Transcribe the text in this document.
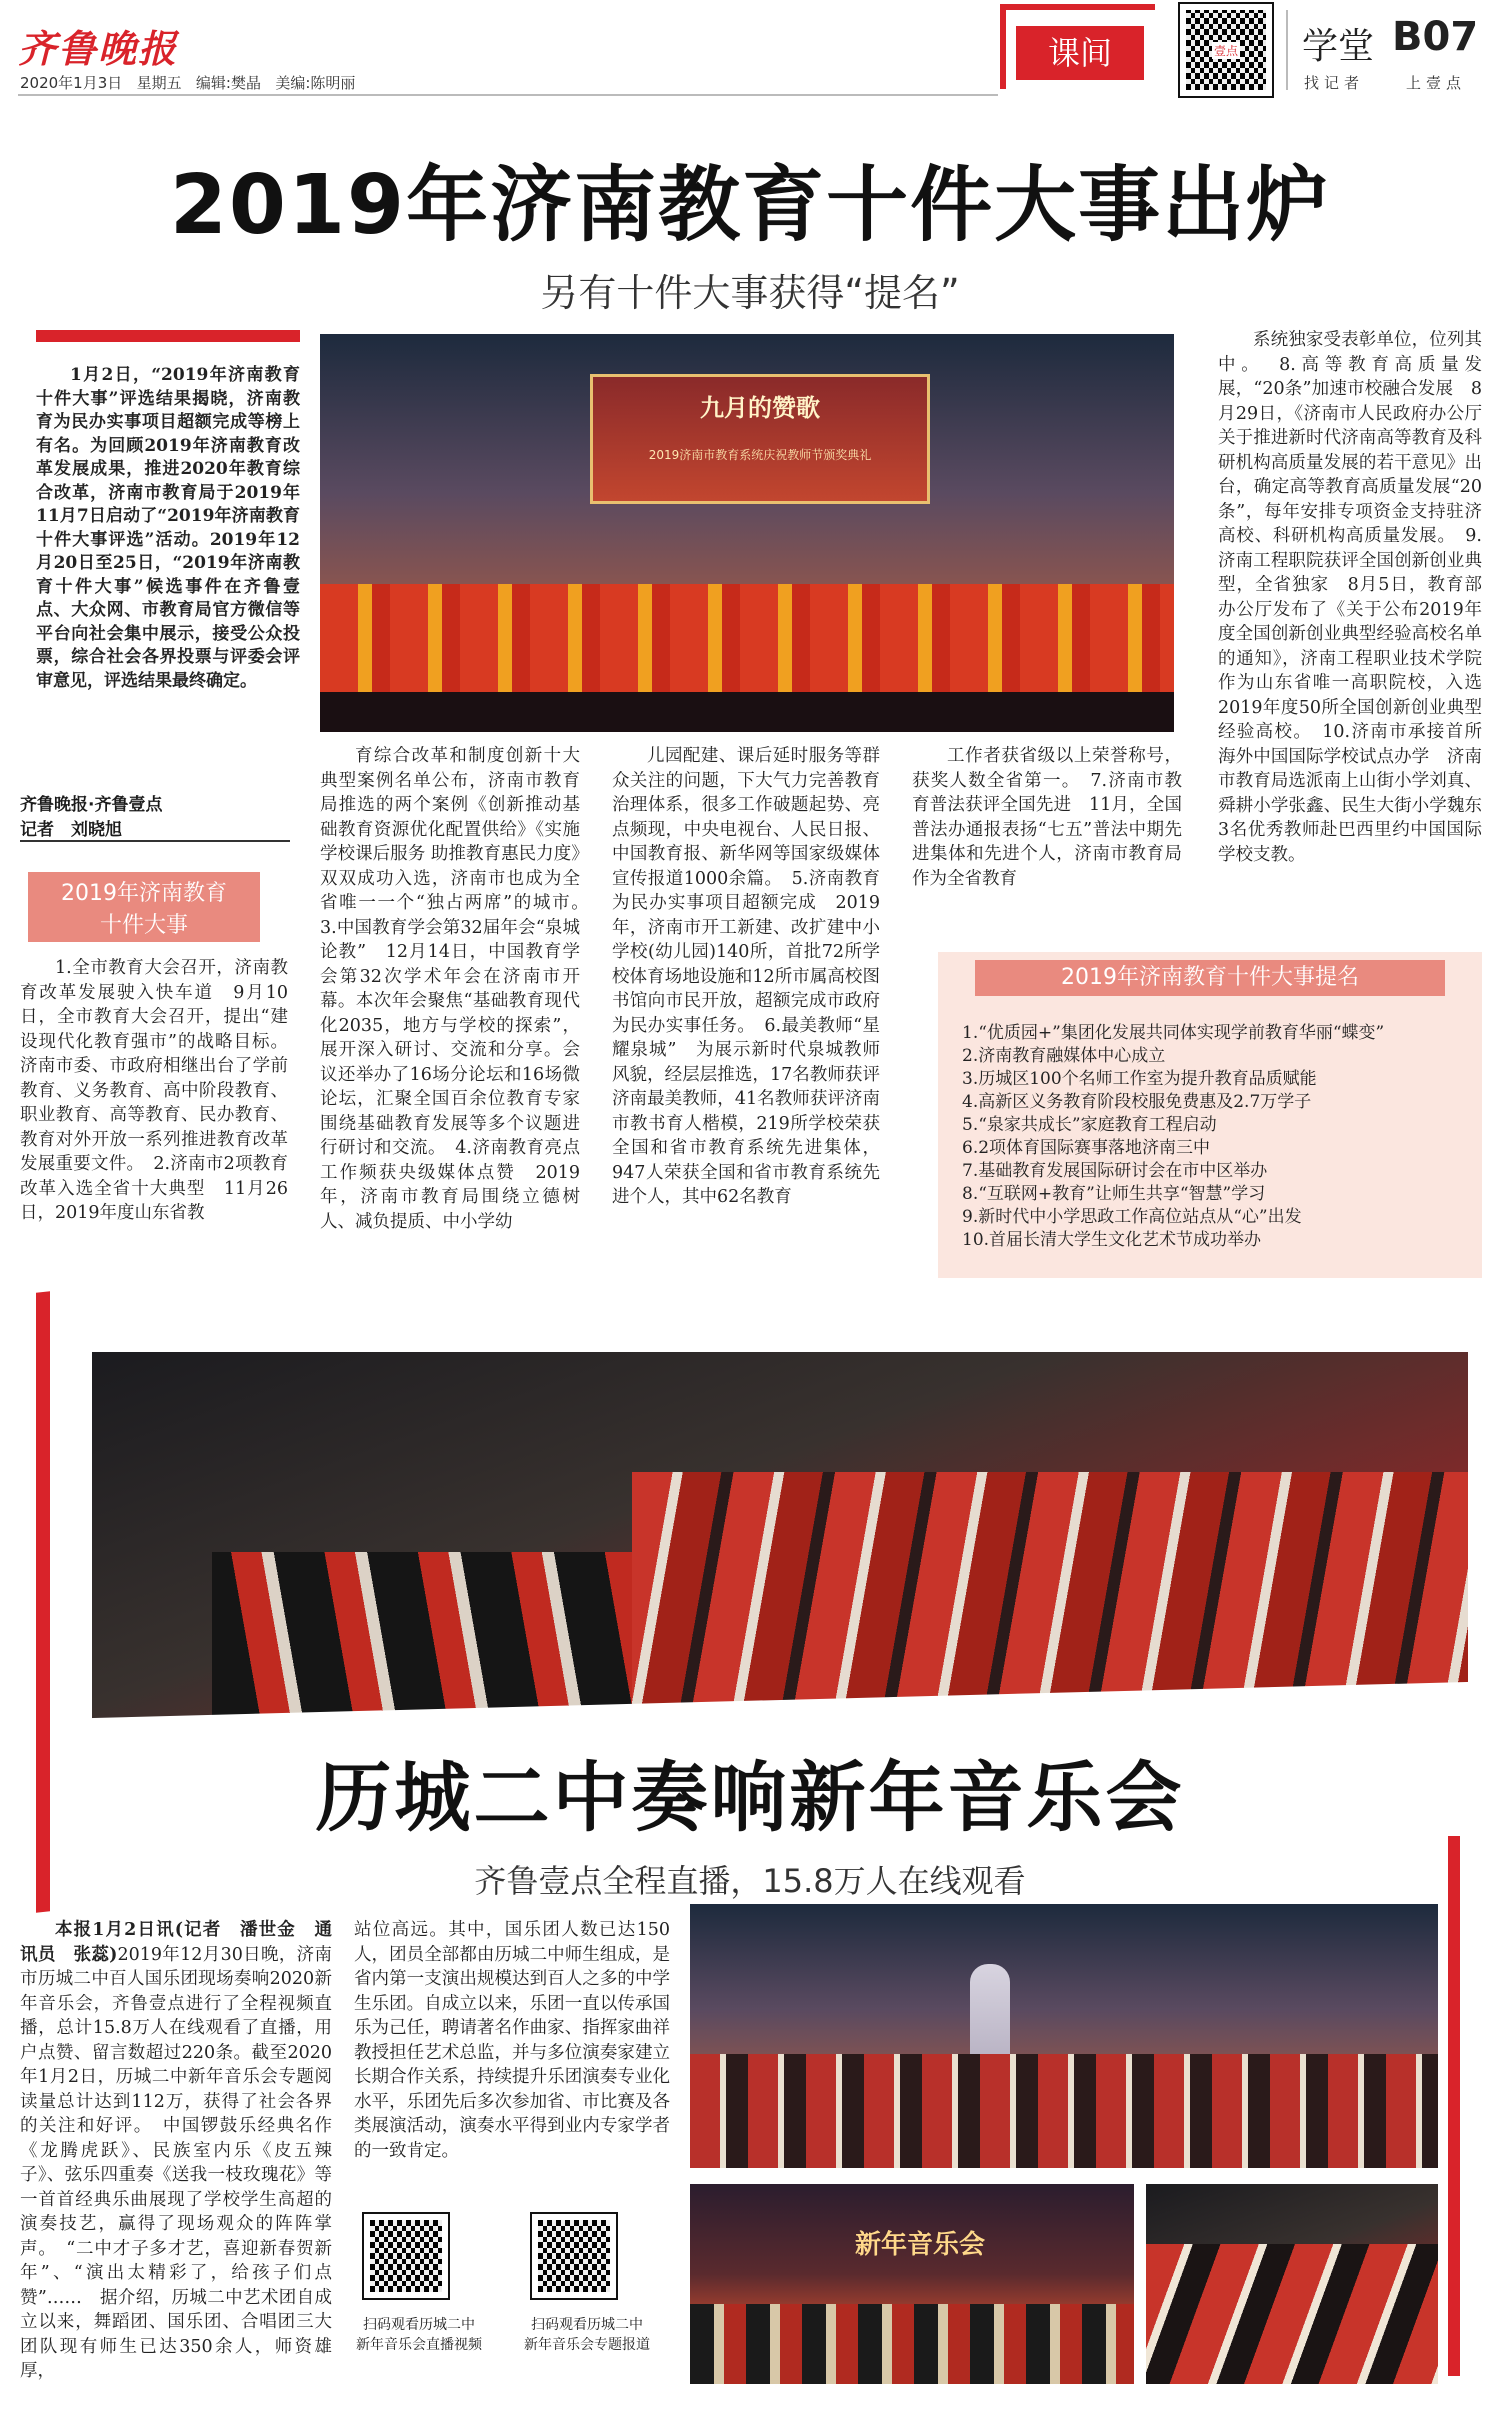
齐鲁晚报
2020年1月3日 星期五 编辑:樊晶 美编:陈明丽
课间	壹点 学堂 B07
找记者	上壹点
2019年济南教育十件大事出炉
另有十件大事获得“提名”
1月2日，“2019年济南教育十件大事”评选结果揭晓，济南教育为民办实事项目超额完成等榜上有名。为回顾2019年济南教育改革发展成果，推进2020年教育综合改革，济南市教育局于2019年11月7日启动了“2019年济南教育十件大事评选”活动。2019年12月20日至25日，“2019年济南教育十件大事”候选事件在齐鲁壹点、大众网、市教育局官方微信等平台向社会集中展示，接受公众投票，综合社会各界投票与评委会评审意见，评选结果最终确定。
齐鲁晚报·齐鲁壹点
记者　刘晓旭
九月的赞歌
2019济南市教育系统庆祝教师节颁奖典礼
育综合改革和制度创新十大典型案例名单公布，济南市教育局推选的两个案例《创新推动基础教育资源优化配置供给》《实施学校课后服务 助推教育惠民力度》双双成功入选，济南市也成为全省唯一一个“独占两席”的城市。　3.中国教育学会第32届年会“泉城论教”　12月14日，中国教育学会第32次学术年会在济南市开幕。本次年会聚焦“基础教育现代化2035，地方与学校的探索”，展开深入研讨、交流和分享。会议还举办了16场分论坛和16场微论坛，汇聚全国百余位教育专家围绕基础教育发展等多个议题进行研讨和交流。　4.济南教育亮点工作频获央级媒体点赞　2019年，济南市教育局围绕立德树人、减负提质、中小学幼
儿园配建、课后延时服务等群众关注的问题，下大气力完善教育治理体系，很多工作破题起势、亮点频现，中央电视台、人民日报、中国教育报、新华网等国家级媒体宣传报道1000余篇。　5.济南教育为民办实事项目超额完成　2019年，济南市开工新建、改扩建中小学校(幼儿园)140所，首批72所学校体育场地设施和12所市属高校图书馆向市民开放，超额完成市政府为民办实事任务。　6.最美教师“星耀泉城”　为展示新时代泉城教师风貌，经层层推选，17名教师获评济南最美教师，41名教师获评济南市教书育人楷模，219所学校荣获全国和省市教育系统先进集体，947人荣获全国和省市教育系统先进个人，其中62名教育
工作者获省级以上荣誉称号，获奖人数全省第一。　7.济南市教育普法获评全国先进　11月，全国普法办通报表扬“七五”普法中期先进集体和先进个人，济南市教育局作为全省教育
系统独家受表彰单位，位列其中。　8.高等教育高质量发展，“20条”加速市校融合发展　8月29日，《济南市人民政府办公厅关于推进新时代济南高等教育及科研机构高质量发展的若干意见》出台，确定高等教育高质量发展“20条”，每年安排专项资金支持驻济高校、科研机构高质量发展。　9.济南工程职院获评全国创新创业典型，全省独家　8月5日，教育部办公厅发布了《关于公布2019年度全国创新创业典型经验高校名单的通知》，济南工程职业技术学院作为山东省唯一高职院校，入选2019年度50所全国创新创业典型经验高校。　10.济南市承接首所海外中国国际学校试点办学　济南市教育局选派南上山街小学刘真、舜耕小学张鑫、民生大街小学魏东3名优秀教师赴巴西里约中国国际学校支教。
2019年济南教育
十件大事
1.全市教育大会召开，济南教育改革发展驶入快车道　9月10日，全市教育大会召开，提出“建设现代化教育强市”的战略目标。济南市委、市政府相继出台了学前教育、义务教育、高中阶段教育、职业教育、高等教育、民办教育、教育对外开放一系列推进教育改革发展重要文件。　2.济南市2项教育改革入选全省十大典型　11月26日，2019年度山东省教
2019年济南教育十件大事提名
1.“优质园+”集团化发展共同体实现学前教育华丽“蝶变”
2.济南教育融媒体中心成立
3.历城区100个名师工作室为提升教育品质赋能
4.高新区义务教育阶段校服免费惠及2.7万学子
5.“泉家共成长”家庭教育工程启动
6.2项体育国际赛事落地济南三中
7.基础教育发展国际研讨会在市中区举办
8.“互联网+教育”让师生共享“智慧”学习
9.新时代中小学思政工作高位站点从“心”出发
10.首届长清大学生文化艺术节成功举办
历城二中奏响新年音乐会
齐鲁壹点全程直播，15.8万人在线观看
本报1月2日讯(记者　潘世金　通讯员　张蕊)2019年12月30日晚，济南市历城二中百人国乐团现场奏响2020新年音乐会，齐鲁壹点进行了全程视频直播，总计15.8万人在线观看了直播，用户点赞、留言数超过220条。截至2020年1月2日，历城二中新年音乐会专题阅读量总计达到112万，获得了社会各界的关注和好评。　中国锣鼓乐经典名作《龙腾虎跃》、民族室内乐《皮五辣子》、弦乐四重奏《送我一枝玫瑰花》等一首首经典乐曲展现了学校学生高超的演奏技艺，赢得了现场观众的阵阵掌声。　“二中才子多才艺，喜迎新春贺新年”、“演出太精彩了，给孩子们点赞”……　据介绍，历城二中艺术团自成立以来，舞蹈团、国乐团、合唱团三大团队现有师生已达350余人，师资雄厚，
站位高远。其中，国乐团人数已达150人，团员全部都由历城二中师生组成，是省内第一支演出规模达到百人之多的中学生乐团。自成立以来，乐团一直以传承国乐为己任，聘请著名作曲家、指挥家曲祥教授担任艺术总监，并与多位演奏家建立长期合作关系，持续提升乐团演奏专业化水平，乐团先后多次参加省、市比赛及各类展演活动，演奏水平得到业内专家学者的一致肯定。
扫码观看历城二中
新年音乐会直播视频
扫码观看历城二中
新年音乐会专题报道
新年音乐会
